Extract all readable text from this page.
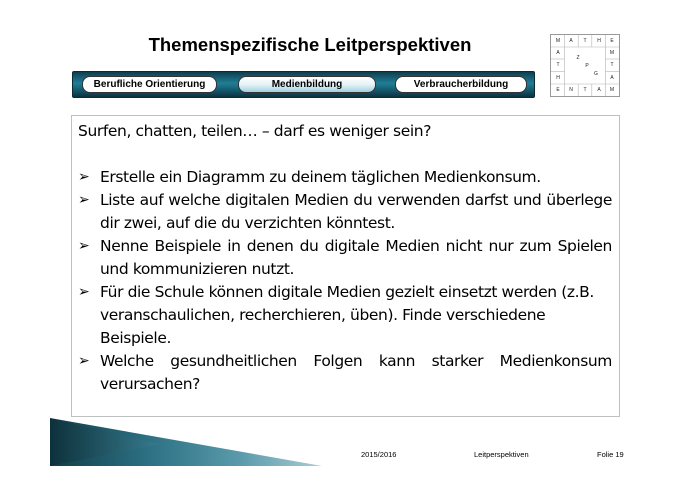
Themenspezifische Leitperspektiven
Berufliche Orientierung	Medienbildung	Verbraucherbildung
M A T H E
A
T
H
M
T
A
E N T A M
Z
P
G

Surfen, chatten, teilen… – darf es weniger sein?

➢ Erstelle ein Diagramm zu deinem täglichen Medienkonsum.

➢ Liste auf welche digitalen Medien du verwenden darfst und überlege dir zwei, auf die du verzichten könntest.

➢ Nenne Beispiele in denen du digitale Medien nicht nur zum Spielen und kommunizieren nutzt.

➢ Für die Schule können digitale Medien gezielt einsetzt werden (z.B. veranschaulichen, recherchieren, üben). Finde verschiedene Beispiele.

➢ Welche gesundheitlichen Folgen kann starker Medienkonsum verursachen?

2015/2016	Leitperspektiven	Folie 19
